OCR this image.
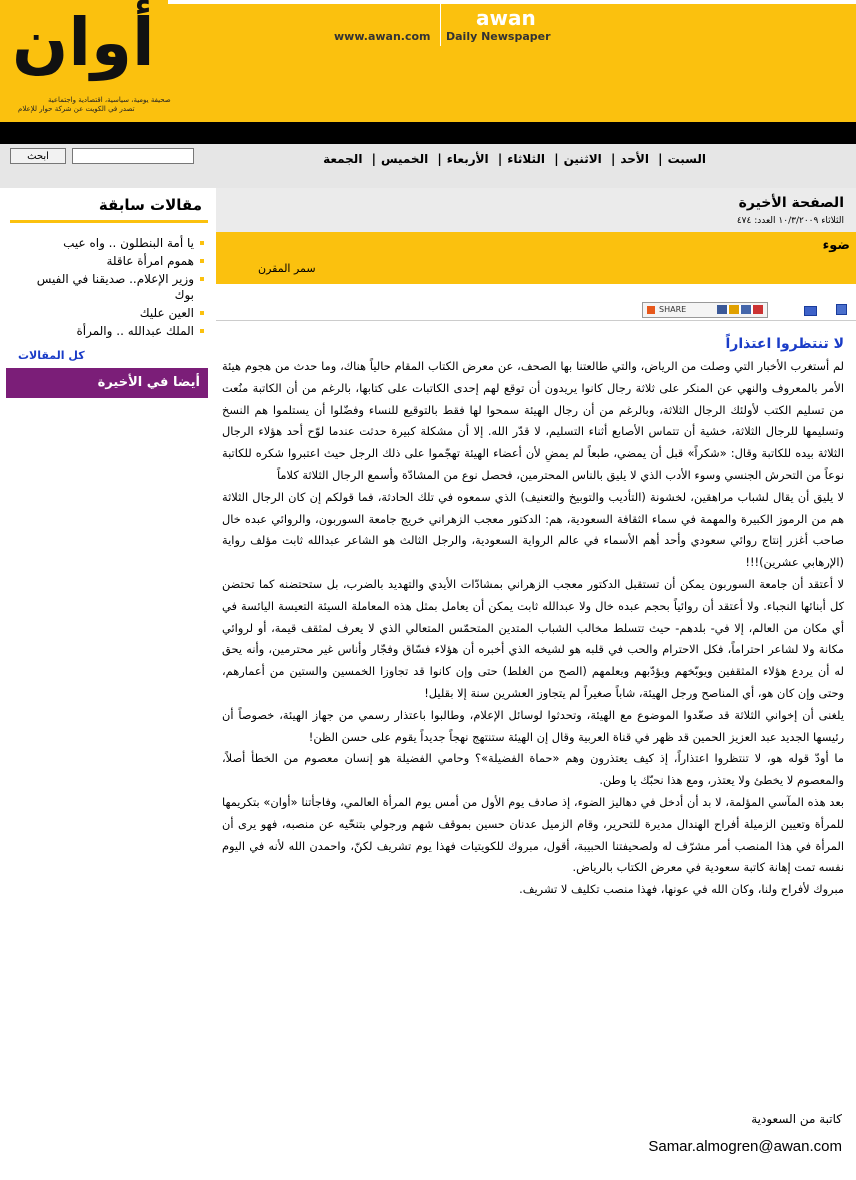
أوان
صحيفة يومية، سياسية، اقتصادية واجتماعية
تصدر في الكويت عن شركة حوار للإعلام
www.awan.com
awan
Daily Newspaper
ابحث	السبت| الأحد| الاثنين| الثلاثاء| الأربعاء| الخميس| الجمعة
مقالات سابقة
يا أمة البنطلون .. واه عيب
هموم امرأة عاقلة
وزير الإعلام.. صديقنا في الفيس بوك
العين عليك
الملك عبدالله .. والمرأة
كل المقالات
أيضا في الأخيرة
الصفحة الأخيرة
الثلاثاء ١٠/٣/٢٠٠٩ العدد: ٤٧٤
ضوء
سمر المقرن
SHARE
لا تنتظروا اعتذاراً

لم أستغرب الأخبار التي وصلت من الرياض، والتي طالعتنا بها الصحف، عن معرض الكتاب المقام حالياً هناك، وما حدث من هجوم هيئة الأمر بالمعروف والنهي عن المنكر على ثلاثة رجال كانوا يريدون أن توقع لهم إحدى الكاتبات على كتابها، بالرغم من أن الكاتبة منُعت من تسليم الكتب لأولئك الرجال الثلاثة، وبالرغم من أن رجال الهيئة سمحوا لها فقط بالتوقيع للنساء وفضّلوا أن يستلموا هم النسخ وتسليمها للرجال الثلاثة، خشية أن تتماس الأصابع أثناء التسليم، لا قدّر الله. إلا أن مشكلة كبيرة حدثت عندما لوّح أحد هؤلاء الرجال الثلاثة بيده للكاتبة وقال: «شكراً» قبل أن يمضي، طبعاً لم يمضِ لأن أعضاء الهيئة تهجّموا على ذلك الرجل حيث اعتبروا شكره للكاتبة نوعاً من التحرش الجنسي وسوء الأدب الذي لا يليق بالناس المحترمين، فحصل نوع من المشادّة وأسمع الرجال الثلاثة كلاماً

لا يليق أن يقال لشباب مراهقين، لخشونة (التأديب والتوبيخ والتعنيف) الذي سمعوه في تلك الحادثة، فما قولكم إن كان الرجال الثلاثة هم من الرموز الكبيرة والمهمة في سماء الثقافة السعودية، هم: الدكتور معجب الزهراني خريج جامعة السوربون، والروائي عبده خال صاحب أغزر إنتاج روائي سعودي وأحد أهم الأسماء في عالم الرواية السعودية، والرجل الثالث هو الشاعر عبدالله ثابت مؤلف رواية (الإرهابي عشرين)!!!

لا أعتقد أن جامعة السوربون يمكن أن تستقبل الدكتور معجب الزهراني بمشادّات الأيدي والتهديد بالضرب، بل ستحتضنه كما تحتضن كل أبنائها النجباء. ولا أعتقد أن روائياً بحجم عبده خال ولا عبدالله ثابت يمكن أن يعامل بمثل هذه المعاملة السيئة التعيسة اليائسة في أي مكان من العالم، إلا في- بلدهم- حيث تتسلط مخالب الشباب المتدين المتحمّس المتعالي الذي لا يعرف لمثقف قيمة، أو لروائي مكانة ولا لشاعر احتراماً، فكل الاحترام والحب في قلبه هو لشيخه الذي أخبره أن هؤلاء فسّاق وفجّار وأناس غير محترمين، وأنه يحق له أن يردع هؤلاء المثقفين ويوبّخهم ويؤدّبهم ويعلمهم (الصح من الغلط) حتى وإن كانوا قد تجاوزا الخمسين والستين من أعمارهم، وحتى وإن كان هو، أي المناصح ورجل الهيئة، شاباً صغيراً لم يتجاوز العشرين سنة إلا بقليل!

يلغنى أن إخواني الثلاثة قد صعّدوا الموضوع مع الهيئة، وتحدثوا لوسائل الإعلام، وطالبوا باعتذار رسمي من جهاز الهيئة، خصوصاً أن رئيسها الجديد عبد العزيز الحمين قد ظهر في قناة العربية وقال إن الهيئة ستنتهج نهجاً جديداً يقوم على حسن الظن!

ما أودّ قوله هو، لا تنتظروا اعتذاراً، إذ كيف يعتذرون وهم «حماة الفضيلة»؟ وحامي الفضيلة هو إنسان معصوم من الخطأ أصلاً، والمعصوم لا يخطئ ولا يعتذر، ومع هذا نحبّك يا وطن.

بعد هذه المآسي المؤلمة، لا بد أن أدخل في دهاليز الضوء، إذ صادف يوم الأول من أمس يوم المرأة العالمي، وفاجأتنا «أوان» بتكريمها للمرأة وتعيين الزميلة أفراح الهندال مديرة للتحرير، وقام الزميل عدنان حسين بموقف شهم ورجولي بتنحّيه عن منصبه، فهو يرى أن المرأة في هذا المنصب أمر مشرّف له ولصحيفتنا الحبيبة، أقول، مبروك للكويتيات فهذا يوم تشريف لكنّ، واحمدن الله لأنه في اليوم نفسه تمت إهانة كاتبة سعودية في معرض الكتاب بالرياض.

مبروك لأفراح ولنا، وكان الله في عونها، فهذا منصب تكليف لا تشريف.

كاتبة من السعودية
Samar.almogren@awan.com
